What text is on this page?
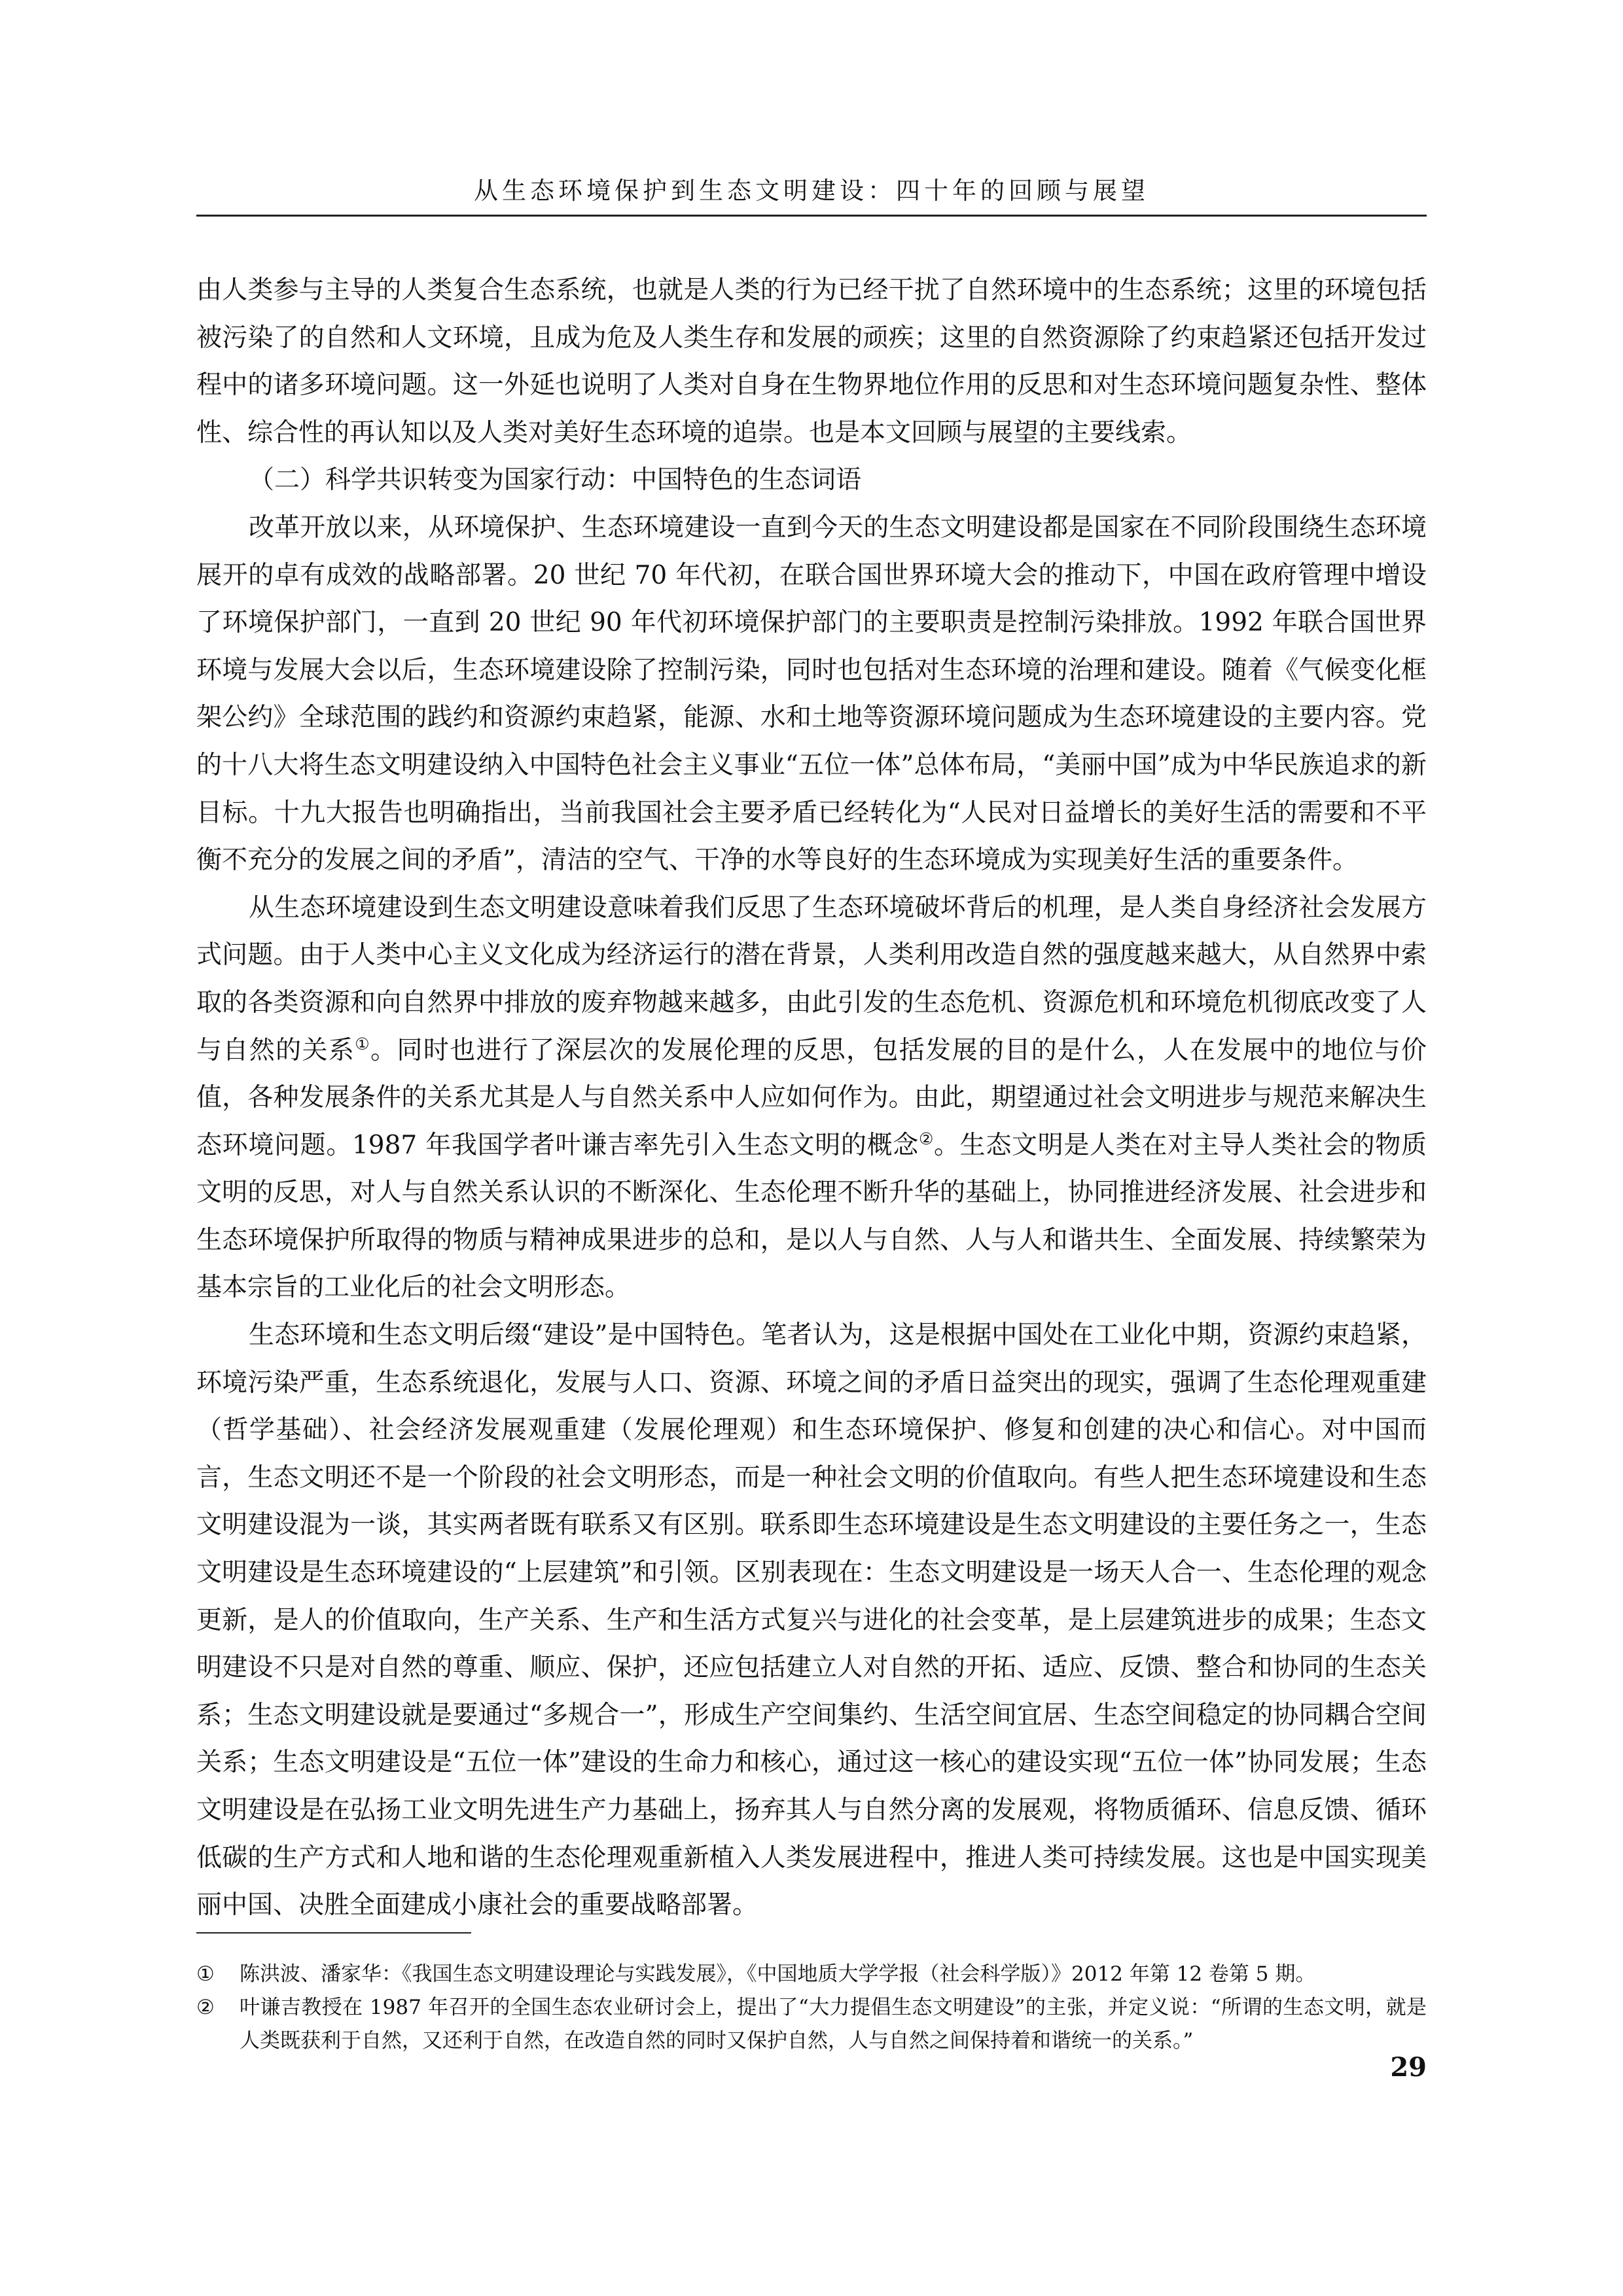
从生态环境保护到生态文明建设：四十年的回顾与展望

由人类参与主导的人类复合生态系统，也就是人类的行为已经干扰了自然环境中的生态系统；这里的环境包括被污染了的自然和人文环境，且成为危及人类生存和发展的顽疾；这里的自然资源除了约束趋紧还包括开发过程中的诸多环境问题。这一外延也说明了人类对自身在生物界地位作用的反思和对生态环境问题复杂性、整体性、综合性的再认知以及人类对美好生态环境的追崇。也是本文回顾与展望的主要线索。

（二）科学共识转变为国家行动：中国特色的生态词语

改革开放以来，从环境保护、生态环境建设一直到今天的生态文明建设都是国家在不同阶段围绕生态环境展开的卓有成效的战略部署。20 世纪 70 年代初，在联合国世界环境大会的推动下，中国在政府管理中增设了环境保护部门，一直到 20 世纪 90 年代初环境保护部门的主要职责是控制污染排放。1992 年联合国世界环境与发展大会以后，生态环境建设除了控制污染，同时也包括对生态环境的治理和建设。随着《气候变化框架公约》全球范围的践约和资源约束趋紧，能源、水和土地等资源环境问题成为生态环境建设的主要内容。党的十八大将生态文明建设纳入中国特色社会主义事业“五位一体”总体布局，“美丽中国”成为中华民族追求的新目标。十九大报告也明确指出，当前我国社会主要矛盾已经转化为“人民对日益增长的美好生活的需要和不平衡不充分的发展之间的矛盾”，清洁的空气、干净的水等良好的生态环境成为实现美好生活的重要条件。

从生态环境建设到生态文明建设意味着我们反思了生态环境破坏背后的机理，是人类自身经济社会发展方式问题。由于人类中心主义文化成为经济运行的潜在背景，人类利用改造自然的强度越来越大，从自然界中索取的各类资源和向自然界中排放的废弃物越来越多，由此引发的生态危机、资源危机和环境危机彻底改变了人与自然的关系①。同时也进行了深层次的发展伦理的反思，包括发展的目的是什么，人在发展中的地位与价值，各种发展条件的关系尤其是人与自然关系中人应如何作为。由此，期望通过社会文明进步与规范来解决生态环境问题。1987 年我国学者叶谦吉率先引入生态文明的概念②。生态文明是人类在对主导人类社会的物质文明的反思，对人与自然关系认识的不断深化、生态伦理不断升华的基础上，协同推进经济发展、社会进步和生态环境保护所取得的物质与精神成果进步的总和，是以人与自然、人与人和谐共生、全面发展、持续繁荣为基本宗旨的工业化后的社会文明形态。

生态环境和生态文明后缀“建设”是中国特色。笔者认为，这是根据中国处在工业化中期，资源约束趋紧，环境污染严重，生态系统退化，发展与人口、资源、环境之间的矛盾日益突出的现实，强调了生态伦理观重建（哲学基础）、社会经济发展观重建（发展伦理观）和生态环境保护、修复和创建的决心和信心。对中国而言，生态文明还不是一个阶段的社会文明形态，而是一种社会文明的价值取向。有些人把生态环境建设和生态文明建设混为一谈，其实两者既有联系又有区别。联系即生态环境建设是生态文明建设的主要任务之一，生态文明建设是生态环境建设的“上层建筑”和引领。区别表现在：生态文明建设是一场天人合一、生态伦理的观念更新，是人的价值取向，生产关系、生产和生活方式复兴与进化的社会变革，是上层建筑进步的成果；生态文明建设不只是对自然的尊重、顺应、保护，还应包括建立人对自然的开拓、适应、反馈、整合和协同的生态关系；生态文明建设就是要通过“多规合一”，形成生产空间集约、生活空间宜居、生态空间稳定的协同耦合空间关系；生态文明建设是“五位一体”建设的生命力和核心，通过这一核心的建设实现“五位一体”协同发展；生态文明建设是在弘扬工业文明先进生产力基础上，扬弃其人与自然分离的发展观，将物质循环、信息反馈、循环低碳的生产方式和人地和谐的生态伦理观重新植入人类发展进程中，推进人类可持续发展。这也是中国实现美丽中国、决胜全面建成小康社会的重要战略部署。

① 陈洪波、潘家华：《我国生态文明建设理论与实践发展》，《中国地质大学学报（社会科学版）》2012 年第 12 卷第 5 期。
② 叶谦吉教授在 1987 年召开的全国生态农业研讨会上，提出了“大力提倡生态文明建设”的主张，并定义说：“所谓的生态文明，就是人类既获利于自然，又还利于自然，在改造自然的同时又保护自然，人与自然之间保持着和谐统一的关系。”
29
